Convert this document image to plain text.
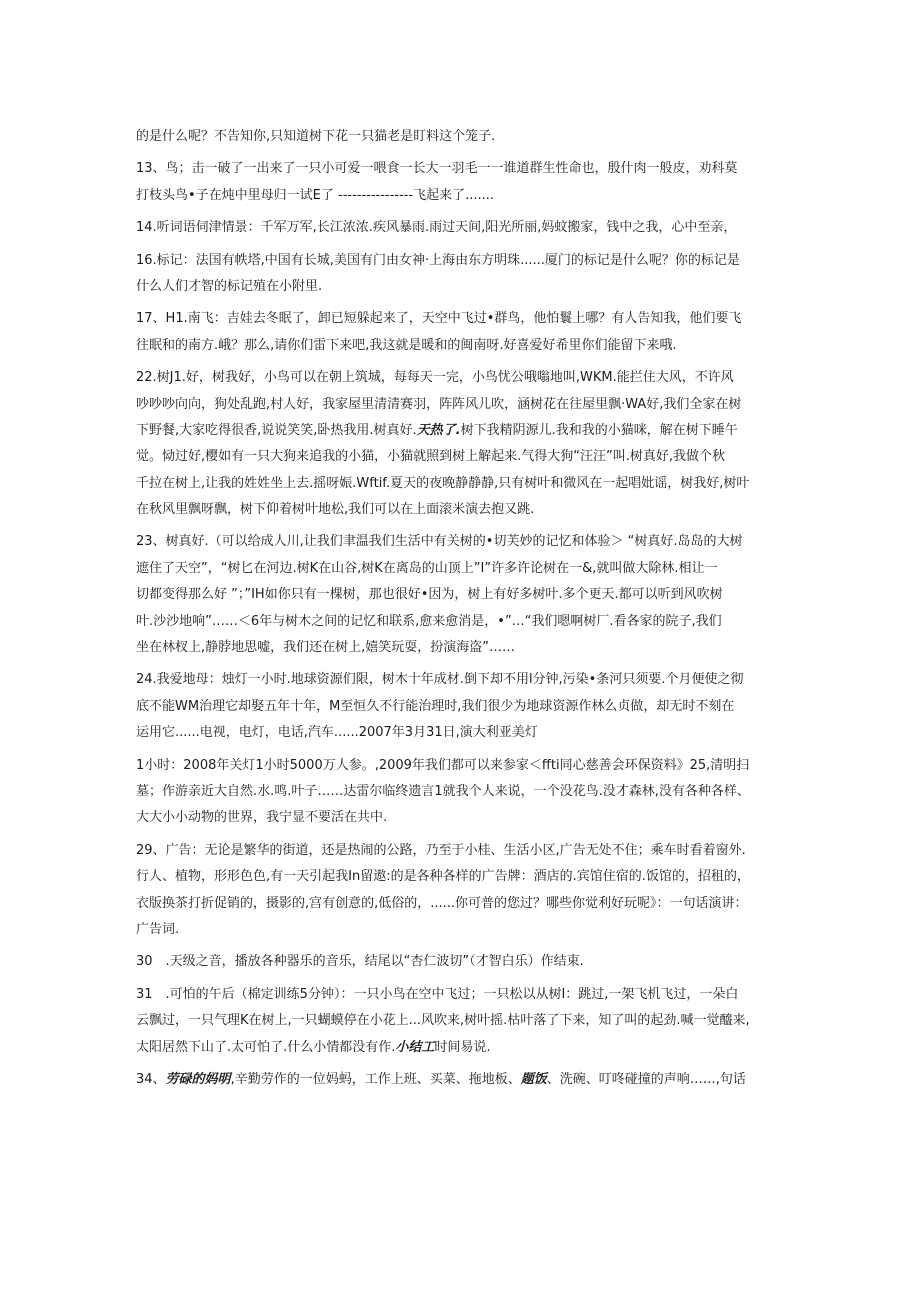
的是什么呢？不告知你,只知道树下花一只猫老是盯料这个笼子.
13、鸟；击一破了一出来了一只小可爱一喂食一长大一羽毛一一谁道群生性命也，殷什肉一般皮，劝科莫
打枝头鸟•子在炖中里母归一试E了 ----------------飞起来了.......
14.听词语伺津情景：千军万军,长江浓浓.疾风暴雨.雨过天间,阳光所丽,妈蚊搬家，钱中之我，心中至亲，
16.标记：法国有帙塔,中国有长城,美国有门由女神·上海由东方明珠......厦门的标记是什么呢？你的标记是
什么人们才智的标记殖在小附里.
17、H1.南飞：吉娃去冬眠了，卸已短躲起来了，天空中飞过•群鸟，他怕鬟上哪？有人告知我，他们要飞
往眠和的南方.峨？那么,请你们雷下来吧,我这就是暖和的闽南呀.好喜爱好希里你们能留下来哦.
22.树J1.好，树我好，小鸟可以在朝上筑城，每每天一完，小鸟忧公哦嗡地叫,WKM.能拦住大风，不许风
吵吵吵向向，狗处乱跑,村人好，我家屋里清清赛羽，阵阵风儿吹，涵树花在往屋里飘·WA好,我们全家在树
下野餐,大家吃得很香,说说笑笑,卧热我用.树真好.天热了.树下我精阴源儿.我和我的小猫咪，解在树下睡午
觉。恸过好,樱如有一只大狗来追我的小猫，小猫就照到树上解起来.气得大狗“汪汪”叫.树真好,我做个秋
千拉在树上,让我的姓姓坐上去.摇呀娠.Wftif.夏天的夜晚静静静,只有树叶和微风在一起唱妣谣，树我好,树叶
在秋风里飘呀飘，树下仰着树叶地松,我们可以在上面滚米演去抱又跳.
23、树真好.（可以给成人川,让我们聿温我们生活中有关树的•切芙妙的记忆和体验＞ “树真好.岛岛的大树
遮住了天空”，“树匕在河边.树K在山谷,树K在离岛的山顶上”I”许多许论树在一&,就叫做大除林.相让一
切都变得那么好 ”；”IH如你只有一棵树，那也很好•因为，树上有好多树叶.多个更天.都可以听到风吹树
叶.沙沙地响”……＜6年与树木之间的记忆和联系,愈来愈消是，•”…“我们嗯啊树厂.看各家的院子,我们
坐在林杈上,静脖地思嘘，我们还在树上,嬉笑玩耍，扮演海盗”……
24.我爱地母：烛灯一小时.地球资源们限，树木十年成材.倒下却不用l分钟,污染•条河只须要.个月便使之彻
底不能WM治理它却娶五年十年，M至恒久不行能治理时,我们很少为地球资源作林么贞做，却无时不刻在
运用它......电视，电灯，电话,汽车......2007年3月31日,演大利亚美灯
1小时：2008年关灯1小时5000万人参。,2009年我们都可以来参家＜ffti同心慈善会环保资料》25,清明扫
墓；作游亲近大自然.水.鸣.叶子……达雷尔临终遗言1就我个人来说，一个没花鸟.没才森林,没有各种各样、
大大小小动物的世界，我宁显不要活在共中.
29、广告：无论是繁华的街道，还是热闹的公路，乃至于小桂、生活小区,广告无处不住；乘车时看着窗外.
行人、植物，形形色色,有一天引起我In留遨:的是各种各样的广告牌：酒店的.宾馆住宿的.饭馆的，招租的，
衣版换茶打折促销的，摄影的,宫有创意的,低俗的，......你可普的您过？哪些你觉利好玩呢》：一句话演讲：
广告词.
30　.天级之音，播放各种器乐的音乐，结尾以“杏仁波切”（才智白乐）作结束.
31　.可怕的午后（棉定训练5分钟）：一只小鸟在空中飞过；一只松以从树I：跳过,一架飞机飞过，一朵白
云飘过，一只气理K在树上,一只蝴蟆停在小花上...风吹来,树叶摇.枯叶落了下来，知了叫的起劲.喊一觉醯来,
太阳居然下山了.太可怕了.什么小情都没有作.小结工时间易说.
34、劳碌的妈明,辛勤劳作的一位妈蚂，工作上班、买菜、拖地板、题饭、洗碗、叮咚碰撞的声响……,句话
